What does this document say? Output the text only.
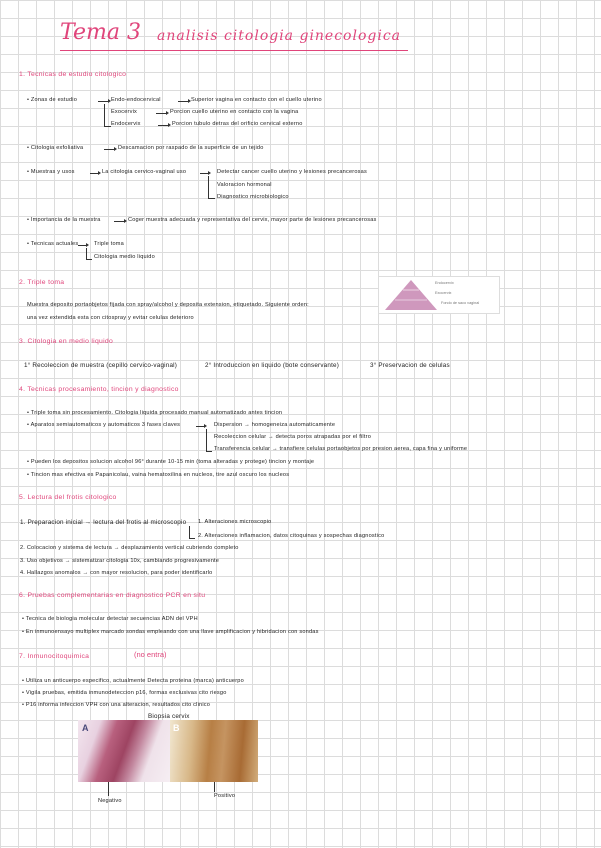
Tema 3 analisis citologia ginecologica
1. Tecnicas de estudio citologico
• Zonas de estudio	Endo-endocervical	Superior vagina en contacto con el cuello uterino
Exocervix	Porcion cuello uterino en contacto con la vagina
Endocervix	Porcion tubulo detras del orificio cervical externo
• Citologia exfoliativa	Descamacion por raspado de la superficie de un tejido
• Muestras y usos	La citologia cervico-vaginal uso	Detectar cancer cuello uterino y lesiones precancerosas
Valoracion hormonal
Diagnostico microbiologico
• Importancia de la muestra	Coger muestra adecuada y representativa del cervix, mayor parte de lesiones precancerosas
• Tecnicas actuales	Triple toma
Citologia medio liquido
2. Triple toma
Muestra deposito portaobjetos fijada con spray/alcohol y deposita extension, etiquetado. Siguiente orden:
una vez extendida esta con citospray y evitar celulas deterioro
Endocervix
Exocervix
Fondo de saco vaginal
3. Citologia en medio liquido
1° Recoleccion de muestra (cepillo cervico-vaginal)	2° Introduccion en liquido (bote conservante)	3° Preservacion de celulas
4. Tecnicas procesamiento, tincion y diagnostico
• Triple toma sin procesamiento. Citologia liquida procesado manual automatizado antes tincion
• Aparatos semiautomaticos y automaticos 3 fases claves	Dispersion → homogeneiza automaticamente
Recoleccion celular → detecta poros atrapadas por el filtro
Transferencia celular → transfiere celulas portaobjetos por presion aerea, capa fina y uniforme
• Pueden los depositos solucion alcohol 96° durante 10-15 min (toma alteradas y protege) tincion y montaje
• Tincion mas efectiva es Papanicolau, vaina hematoxilina en nucleos, tire azul oscuro los nucleos
5. Lectura del frotis citologico
1. Preparacion inicial → lectura del frotis al microscopio 1. Alteraciones microscopio
2. Alteraciones inflamacion, datos citoquinas y sospechas diagnostico
2. Colocacion y sistema de lectura → desplazamiento vertical cubriendo completo
3. Uso objetivos → sistematizar citologia 10x, cambiando progresivamente
4. Hallazgos anomalos → con mayor resolucion, para poder identificarlo
6. Pruebas complementarias en diagnostico PCR en situ
• Tecnica de biologia molecular detectar secuencias ADN del VPH
• En inmunoensayo multiplex marcado sondas empleando con una llave amplificacion y hibridacion con sondas
7. Inmunocitoquimica	(no entra)
• Utiliza un anticuerpo especifico, actualmente Detecta proteina (marca) anticuerpo
• Vigila pruebas, emitida inmunodeteccion p16, formas exclusivas cito riesgo
• P16 informa infeccion VPH con una alteracion, resultados cito clinico
Biopsia cervix
A	B
Negativo
Positivo
